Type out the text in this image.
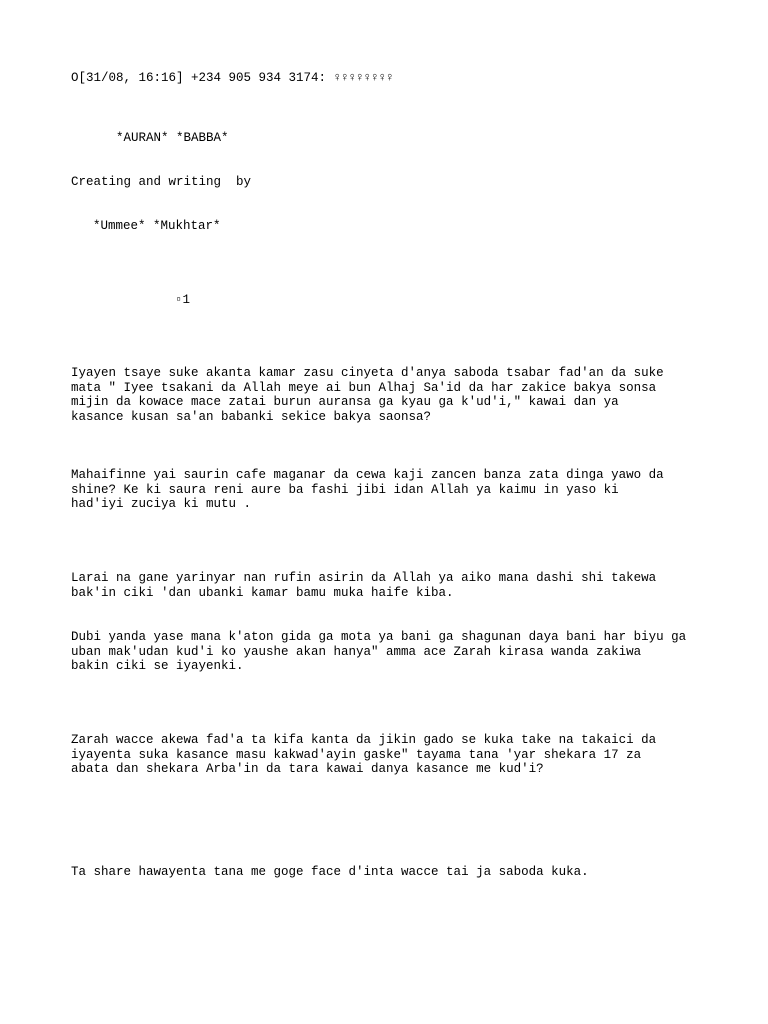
O[31/08, 16:16] +234 905 934 3174: ♀♀♀♀♀♀♀♀
*AURAN* *BABBA*
Creating and writing  by
*Ummee* *Mukhtar*
▫1
Iyayen tsaye suke akanta kamar zasu cinyeta d'anya saboda tsabar fad'an da suke
mata " Iyee tsakani da Allah meye ai bun Alhaj Sa'id da har zakice bakya sonsa
mijin da kowace mace zatai burun auransa ga kyau ga k'ud'i," kawai dan ya
kasance kusan sa'an babanki sekice bakya saonsa?
Mahaifinne yai saurin cafe maganar da cewa kaji zancen banza zata dinga yawo da
shine? Ke ki saura reni aure ba fashi jibi idan Allah ya kaimu in yaso ki
had'iyi zuciya ki mutu .
Larai na gane yarinyar nan rufin asirin da Allah ya aiko mana dashi shi takewa
bak'in ciki 'dan ubanki kamar bamu muka haife kiba.
Dubi yanda yase mana k'aton gida ga mota ya bani ga shagunan daya bani har biyu ga
uban mak'udan kud'i ko yaushe akan hanya" amma ace Zarah kirasa wanda zakiwa
bakin ciki se iyayenki.
Zarah wacce akewa fad'a ta kifa kanta da jikin gado se kuka take na takaici da
iyayenta suka kasance masu kakwad'ayin gaske" tayama tana 'yar shekara 17 za
abata dan shekara Arba'in da tara kawai danya kasance me kud'i?
Ta share hawayenta tana me goge face d'inta wacce tai ja saboda kuka.
